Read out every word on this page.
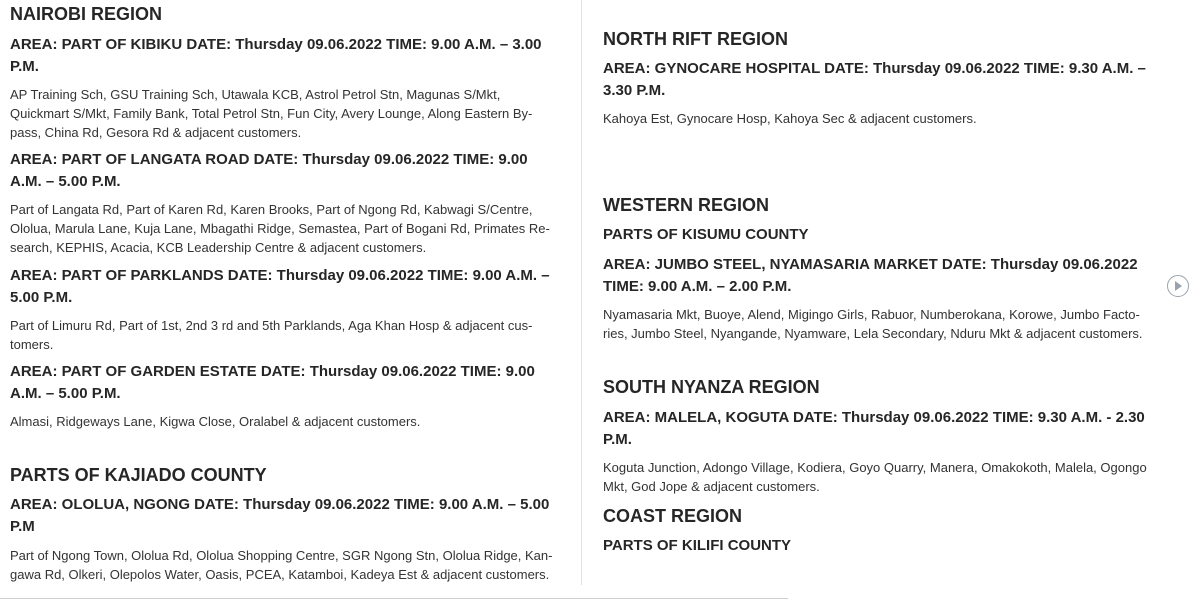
NAIROBI REGION
AREA: PART OF KIBIKU DATE: Thursday 09.06.2022 TIME: 9.00 A.M. – 3.00 P.M.
AP Training Sch, GSU Training Sch, Utawala KCB, Astrol Petrol Stn, Magunas S/Mkt, Quickmart S/Mkt, Family Bank, Total Petrol Stn, Fun City, Avery Lounge, Along Eastern By-pass, China Rd, Gesora Rd & adjacent customers.
AREA: PART OF LANGATA ROAD DATE: Thursday 09.06.2022 TIME: 9.00 A.M. – 5.00 P.M.
Part of Langata Rd, Part of Karen Rd, Karen Brooks, Part of Ngong Rd, Kabwagi S/Centre, Ololua, Marula Lane, Kuja Lane, Mbagathi Ridge, Semastea, Part of Bogani Rd, Primates Re-search, KEPHIS, Acacia, KCB Leadership Centre & adjacent customers.
AREA: PART OF PARKLANDS DATE: Thursday 09.06.2022 TIME: 9.00 A.M. – 5.00 P.M.
Part of Limuru Rd, Part of 1st, 2nd 3 rd and 5th Parklands, Aga Khan Hosp & adjacent cus-tomers.
AREA: PART OF GARDEN ESTATE DATE: Thursday 09.06.2022 TIME: 9.00 A.M. – 5.00 P.M.
Almasi, Ridgeways Lane, Kigwa Close, Oralabel & adjacent customers.
PARTS OF KAJIADO COUNTY
AREA: OLOLUA, NGONG DATE: Thursday 09.06.2022 TIME: 9.00 A.M. – 5.00 P.M
Part of Ngong Town, Ololua Rd, Ololua Shopping Centre, SGR Ngong Stn, Ololua Ridge, Kan-gawa Rd, Olkeri, Olepolos Water, Oasis, PCEA, Katamboi, Kadeya Est & adjacent customers.
NORTH RIFT REGION
AREA: GYNOCARE HOSPITAL DATE: Thursday 09.06.2022 TIME: 9.30 A.M. – 3.30 P.M.
Kahoya Est, Gynocare Hosp, Kahoya Sec & adjacent customers.
WESTERN REGION
PARTS OF KISUMU COUNTY
AREA: JUMBO STEEL, NYAMASARIA MARKET DATE: Thursday 09.06.2022 TIME: 9.00 A.M. – 2.00 P.M.
Nyamasaria Mkt, Buoye, Alend, Migingo Girls, Rabuor, Numberokana, Korowe, Jumbo Facto-ries, Jumbo Steel, Nyangande, Nyamware, Lela Secondary, Nduru Mkt & adjacent customers.
SOUTH NYANZA REGION
AREA: MALELA, KOGUTA DATE: Thursday 09.06.2022 TIME: 9.30 A.M. - 2.30 P.M.
Koguta Junction, Adongo Village, Kodiera, Goyo Quarry, Manera, Omakokoth, Malela, Ogongo Mkt, God Jope & adjacent customers.
COAST REGION
PARTS OF KILIFI COUNTY
